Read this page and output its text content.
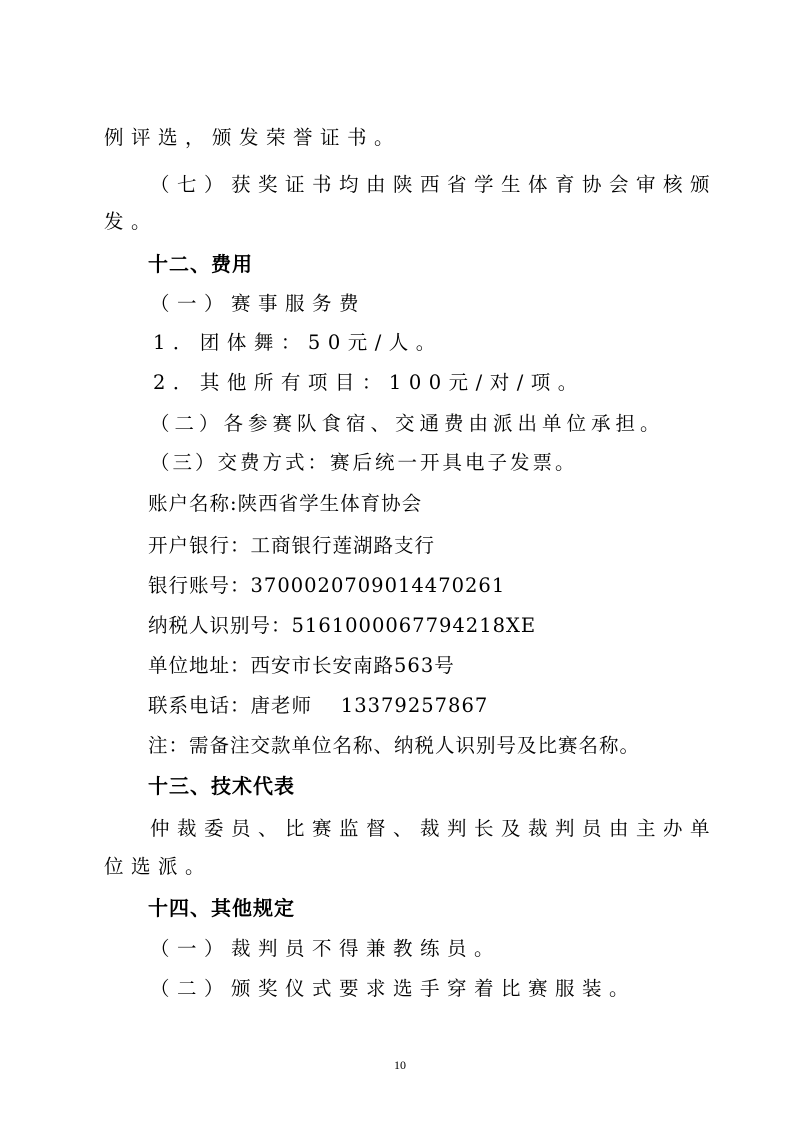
例评选，颁发荣誉证书。
（七）获奖证书均由陕西省学生体育协会审核颁
发。
十二、费用
（一）赛事服务费
1．团体舞：50元/人。
2．其他所有项目：100元/对/项。
（二）各参赛队食宿、交通费由派出单位承担。
（三）交费方式：赛后统一开具电子发票。
账户名称:陕西省学生体育协会
开户银行：工商银行莲湖路支行
银行账号：3700020709014470261
纳税人识别号：5161000067794218XE
单位地址：西安市长安南路563号
联系电话：唐老师    13379257867
注：需备注交款单位名称、纳税人识别号及比赛名称。
十三、技术代表
仲裁委员、比赛监督、裁判长及裁判员由主办单
位选派。
十四、其他规定
（一）裁判员不得兼教练员。
（二）颁奖仪式要求选手穿着比赛服装。
10
